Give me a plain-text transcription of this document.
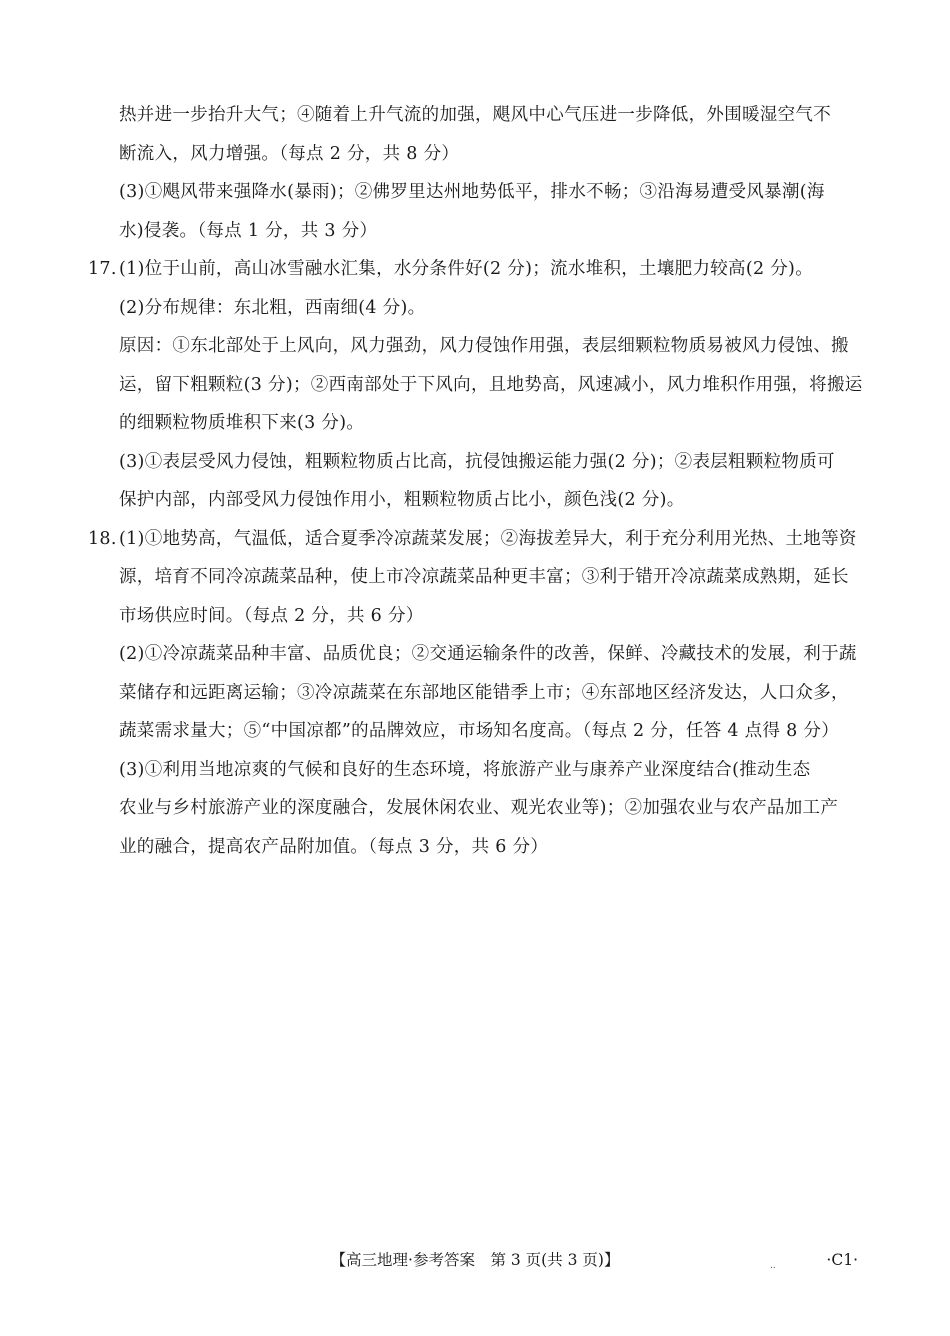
热并进一步抬升大气；④随着上升气流的加强，飓风中心气压进一步降低，外围暖湿空气不
断流入，风力增强。（每点 2 分，共 8 分）
(3)①飓风带来强降水(暴雨)；②佛罗里达州地势低平，排水不畅；③沿海易遭受风暴潮(海
水)侵袭。（每点 1 分，共 3 分）
17. (1)位于山前，高山冰雪融水汇集，水分条件好(2 分)；流水堆积，土壤肥力较高(2 分)。
(2)分布规律：东北粗，西南细(4 分)。
原因：①东北部处于上风向，风力强劲，风力侵蚀作用强，表层细颗粒物质易被风力侵蚀、搬
运，留下粗颗粒(3 分)；②西南部处于下风向，且地势高，风速减小，风力堆积作用强，将搬运
的细颗粒物质堆积下来(3 分)。
(3)①表层受风力侵蚀，粗颗粒物质占比高，抗侵蚀搬运能力强(2 分)；②表层粗颗粒物质可
保护内部，内部受风力侵蚀作用小，粗颗粒物质占比小，颜色浅(2 分)。
18. (1)①地势高，气温低，适合夏季冷凉蔬菜发展；②海拔差异大，利于充分利用光热、土地等资
源，培育不同冷凉蔬菜品种，使上市冷凉蔬菜品种更丰富；③利于错开冷凉蔬菜成熟期，延长
市场供应时间。（每点 2 分，共 6 分）
(2)①冷凉蔬菜品种丰富、品质优良；②交通运输条件的改善，保鲜、冷藏技术的发展，利于蔬
菜储存和远距离运输；③冷凉蔬菜在东部地区能错季上市；④东部地区经济发达，人口众多，
蔬菜需求量大；⑤“中国凉都”的品牌效应，市场知名度高。（每点 2 分，任答 4 点得 8 分）
(3)①利用当地凉爽的气候和良好的生态环境，将旅游产业与康养产业深度结合(推动生态
农业与乡村旅游产业的深度融合，发展休闲农业、观光农业等)；②加强农业与农产品加工产
业的融合，提高农产品附加值。（每点 3 分，共 6 分）
【高三地理·参考答案　第 3 页(共 3 页)】	..	·C1·
